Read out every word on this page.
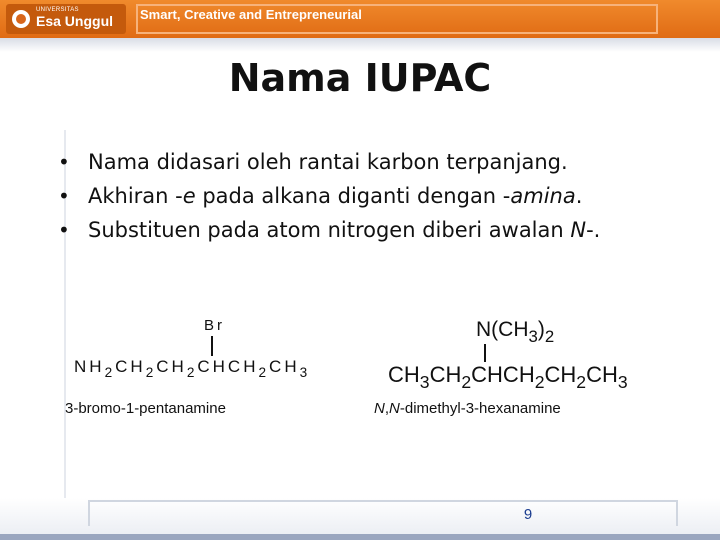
UNIVERSITAS
Esa Unggul Smart, Creative and Entrepreneurial
Nama IUPAC
• Nama didasari oleh rantai karbon terpanjang.
• Akhiran -e pada alkana diganti dengan -amina.
• Substituen pada atom nitrogen diberi awalan N-.
Br
$NH_2CH_2CH_2CHCH_2CH_3$
3-bromo-1-pentanamine
$N(CH_3)_2$
$CH_3CH_2CHCH_2CH_2CH_3$
N,N-dimethyl-3-hexanamine
9
